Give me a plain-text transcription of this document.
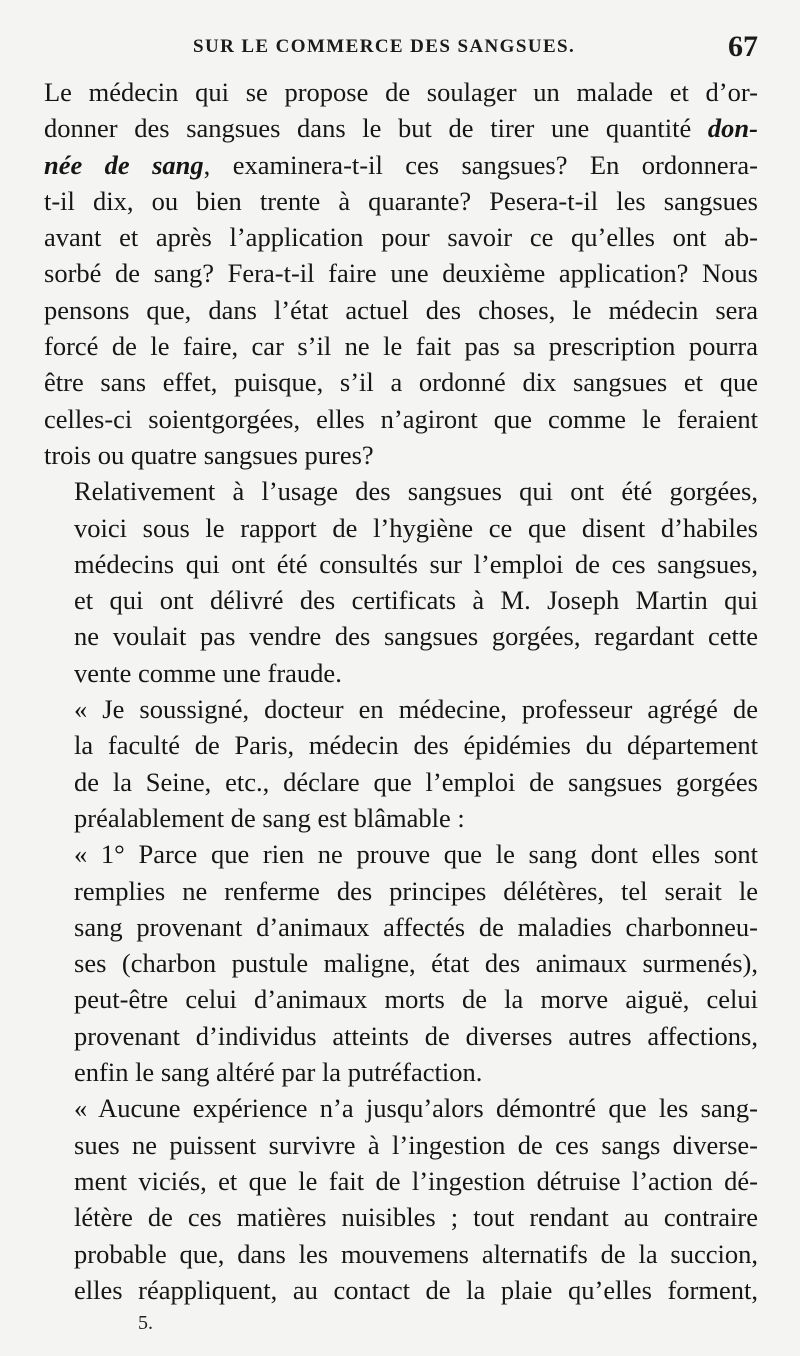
SUR LE COMMERCE DES SANGSUES.	67
Le médecin qui se propose de soulager un malade et d’or-
donner des sangsues dans le but de tirer une quantité don-
née de sang, examinera-t-il ces sangsues? En ordonnera-
t-il dix, ou bien trente à quarante? Pesera-t-il les sangsues
avant et après l’application pour savoir ce qu’elles ont ab-
sorbé de sang? Fera-t-il faire une deuxième application? Nous
pensons que, dans l’état actuel des choses, le médecin sera
forcé de le faire, car s’il ne le fait pas sa prescription pourra
être sans effet, puisque, s’il a ordonné dix sangsues et que
celles-ci soientgorgées, elles n’agiront que comme le feraient
trois ou quatre sangsues pures?
Relativement à l’usage des sangsues qui ont été gorgées,
voici sous le rapport de l’hygiène ce que disent d’habiles
médecins qui ont été consultés sur l’emploi de ces sangsues,
et qui ont délivré des certificats à M. Joseph Martin qui
ne voulait pas vendre des sangsues gorgées, regardant cette
vente comme une fraude.
« Je soussigné, docteur en médecine, professeur agrégé de
la faculté de Paris, médecin des épidémies du département
de la Seine, etc., déclare que l’emploi de sangsues gorgées
préalablement de sang est blâmable :
« 1° Parce que rien ne prouve que le sang dont elles sont
remplies ne renferme des principes délétères, tel serait le
sang provenant d’animaux affectés de maladies charbonneu-
ses (charbon pustule maligne, état des animaux surmenés),
peut-être celui d’animaux morts de la morve aiguë, celui
provenant d’individus atteints de diverses autres affections,
enfin le sang altéré par la putréfaction.
« Aucune expérience n’a jusqu’alors démontré que les sang-
sues ne puissent survivre à l’ingestion de ces sangs diverse-
ment viciés, et que le fait de l’ingestion détruise l’action dé-
létère de ces matières nuisibles ; tout rendant au contraire
probable que, dans les mouvemens alternatifs de la succion,
elles réappliquent, au contact de la plaie qu’elles forment,
5.
